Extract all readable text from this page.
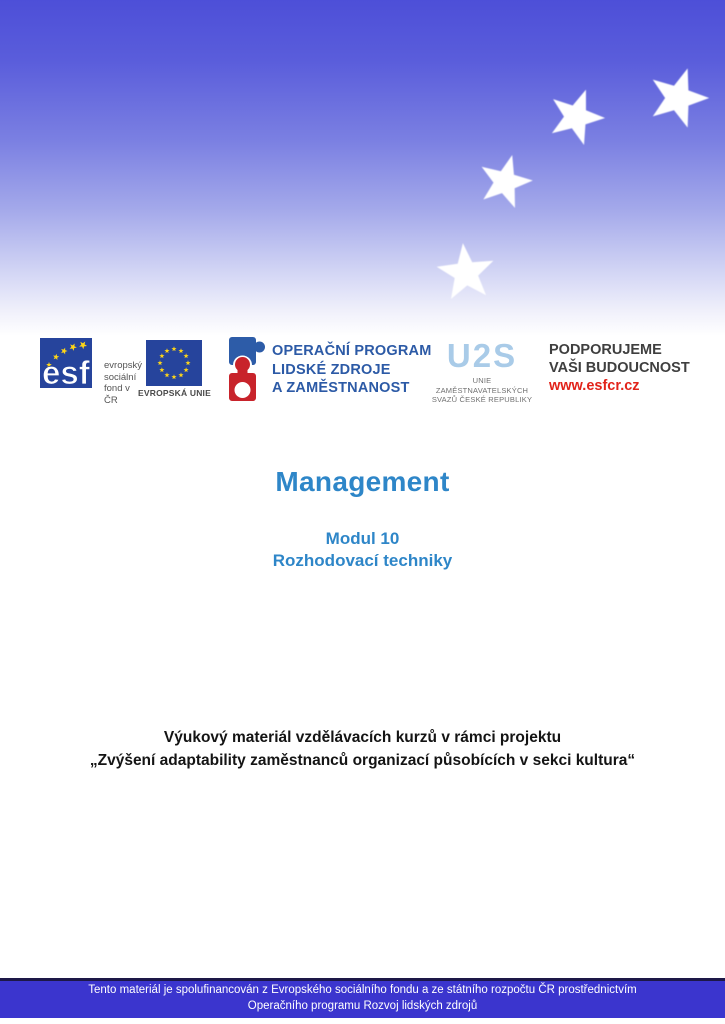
esf evropský
sociální
fond v ČR
EVROPSKÁ UNIE
OPERAČNÍ PROGRAM
LIDSKÉ ZDROJE
A ZAMĚSTNANOST
U2S
UNIE ZAMĚSTNAVATELSKÝCH
SVAZŮ ČESKÉ REPUBLIKY
PODPORUJEME
VAŠI BUDOUCNOST
www.esfcr.cz
Management
Modul 10
Rozhodovací techniky
Výukový materiál vzdělávacích kurzů v rámci projektu
„Zvýšení adaptability zaměstnanců organizací působících v sekci kultura“
Tento materiál je spolufinancován z Evropského sociálního fondu a ze státního rozpočtu ČR prostřednictvím
Operačního programu Rozvoj lidských zdrojů
